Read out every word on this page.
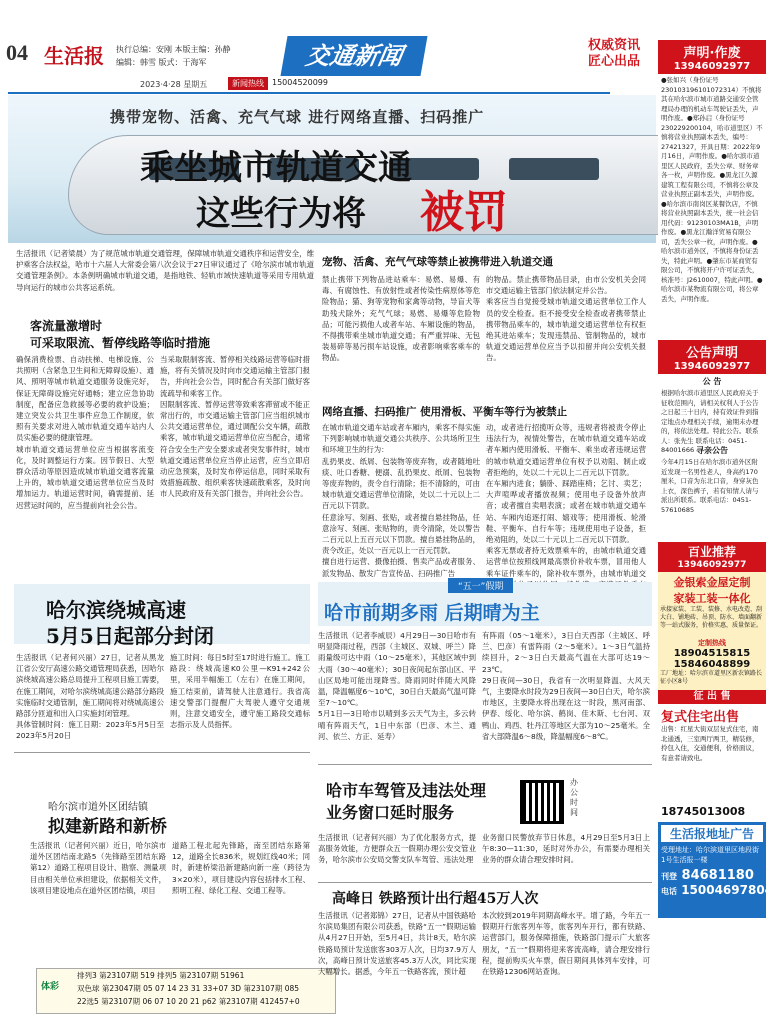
04 生活报 执行总编：安刚 本版主编：孙静
编辑：韩雪 版式：于海军	交通新闻
2023·4·28 星期五	新闻热线	15004520099
权威资讯
匠心出品
携带宠物、活禽、充气气球 进行网络直播、扫码推广
乘坐城市轨道交通
这些行为将 被罚
生活报讯（记者梁晨）为了规范城市轨道交通管理，保障城市轨道交通秩序和运营安全，维护乘客合法权益，哈市十六届人大常委会第八次会议于27日审议通过了《哈尔滨市城市轨道交通管理条例》。本条例明确城市轨道交通，是指地铁、轻轨市域快速轨道等采用专用轨道导向运行的城市公共客运系统。
客流量激增时
可采取限流、暂停线路等临时措施

确保消费检票、自动扶梯、电梯设施、公共照明（含紧急卫生间和无障碍设施）、通风、照明等城市轨道交通服务设施完好，保证无障碍设施完好通畅；建立应急协助制度，配备应急救援等必要的救护设施；建立突发公共卫生事件应急工作制度，依照有关要求对进入城市轨道交通车站内人员实施必要的健康管理。

城市轨道交通运营单位应当根据客流变化，及时调整运行方案。因节假日、大型群众活动等原因造成城市轨道交通客流量上升的，城市轨道交通运营单位应当及时增加运力。轨道运营时间，确需提前、延迟营运时间的，应当提前向社会公告。

当采取限制客流、暂停相关线路运营等临时措施，将有关情况及时向市交通运输主管部门报告，并向社会公告，同时配合有关部门做好客流疏导和乘客工作。

因限制客流、暂停运营等致乘客滞留或不能正常出行的，市交通运输主管部门应当组织城市公共交通运营单位，通过调配公交车辆，疏散乘客，城市轨道交通运营单位应当配合，通常符合安全生产安全要求或者突发事件时，城市轨道交通运营单位应当停止运营，应当立即启动应急预案，及时发布停运信息，同时采取有效措施疏散、组织乘客快速疏散乘客，及时向市人民政府及有关部门报告，并向社会公告。

宠物、活禽、充气气球等禁止被携带进入轨道交通
禁止携带下列物品进站乘车：易燃、易爆、有毒、有腐蚀性、有放射性或者传染性病原体等危险物品；猫、狗等宠物和家禽等动物，导盲犬等助残犬除外；充气气球；易燃、易爆等危险物品；可能污损他人或者车站、车厢设施的物品，不得携带乘坐城市轨道交通；有严重异味、无包装易碎等易污损车站设施，或者影响乘客乘车的物品。

的物品。禁止携带物品目录，由市公安机关会同市交通运输主管部门依法制定并公告。

乘客应当自觉接受城市轨道交通运营单位工作人员的安全检查。拒不接受安全检查或者携带禁止携带物品乘车的，城市轨道交通运营单位有权拒绝其进站乘车；发现违禁品、管制物品的，城市轨道交通运营单位应当予以扣留并向公安机关报告。

网络直播、扫码推广 使用滑板、平衡车等行为被禁止

在城市轨道交通车站或者车厢内，乘客不得实施下列影响城市轨道交通公共秩序、公共场所卫生和环境卫生的行为：

乱扔果皮、纸屑、包装物等废弃物，或者随地吐痰、吐口香糖、便溺、乱扔果皮、纸屑、包装物等废弃物的，责令自行清除；拒不清除的，可由城市轨道交通运营单位清除，处以二十元以上二百元以下罚款。

任意涂写、刻画、张贴，或者擅自悬挂物品，任意涂写、刻画、张贴物的，责令清除，处以警告二百元以上五百元以下罚款。擅自悬挂物品的，责令改正，处以一百元以上一百元罚款。

擅自进行运营、摄像拍摄、售卖产品或者服务、派发物品、散发广告宣传品、扫码推广告

动，或者进行招揽听众等，违规者将被责令停止违法行为，视情处警告，在城市轨道交通车站或者车厢内使用滑板、平衡车、乘坐或者违规运营的城市轨道交通运营单位有权予以劝阻、制止或者拒绝的，处以二十元以上二百元以下罚款。

在车厢内进食；躺卧、踩踏座椅；乞讨、卖艺；大声喧哗或者播放视频；使用电子设备外放声音；或者擅自卖唱表演；或者在城市轨道交通车站、车厢内追逐打闹、嬉戏等；使用滑板、轮滑鞋、平衡车、自行车等；违规使用电子设备，拒绝劝阻的，处以二十元以上二百元以下罚款。

乘客无票或者持无效票乘车的，由城市轨道交通运营单位按照线网最高票价补收车票，冒用他人乘车证件乘车的，除补收车票外，由城市轨道交

哈尔滨绕城高速
5月5日起部分封闭

生活报讯（记者何兴丽）27日，记者从黑龙江省公安厅高速公路交通管理局获悉，因哈尔滨绕城高速公路总局提升工程项目施工需要，在施工期间，对哈尔滨绕城高速公路部分路段实施临时交通管制，施工期间将对绕城高速公路部分匝道和出入口实施封闭管理。

具体管制时间：施工日期：2023年5月5日至2023年5月20日

施工时间：每日5时至17时进行施工。施工路段：绕城高速K0公里—K91+242公里，采用半幅施工（左右）在施工期间，施工结束前，请驾驶人注意通行。我省高速交警部门提醒广大驾驶人遵守交通规则，注意交通安全，遵守施工路段交通标志指示及人员指挥。
哈尔滨市道外区团结镇
拟建新路和新桥
生活报讯（记者何兴丽）近日，哈尔滨市道外区团结南北路5（先锋路至团结东路第12）道路工程项目设计、勘察、测量项目由相关单位承担建设，依据相关文件，该项目建设地点在道外区团结镇，项目
道路工程北起先锋路，南至团结东路第12，道路全长836米，规划红线40米；同时，新建桥梁沿新建路向新一座（跨径为3×20米），项目建设内容包括排水工程、照明工程、绿化工程、交通工程等。
体彩
排列3 第23107期 519 排列5 第23107期 51961
双色球 第23047期 05 07 14 23 31 33+07 3D 第23107期 085
22选5 第23107期 06 07 10 20 21 p62 第23107期 412457+0
“五一”假期
哈市前期多雨 后期晴为主

生活报讯（记者李威辰）4月29日—30日哈市有明显降雨过程，西部（主城区、双城、呼兰）降雨量级可达中雨（10～25毫米），其他区域中到大雨（30～40毫米）；30日夜间起东部山区、平山区局地可能出现降雪。降雨同时伴随大风降温，降温幅度6～10℃，30日白天最高气温可降至7～10℃。

5月1日—3日哈市以晴到多云天气为主，多云转晴有阵雨天气，1日中东部（巴彦、木兰、通河、依兰、方正、延寿）

有阵雨（05～1毫米），3日白天西部（主城区、呼兰、巴彦）有雷阵雨（2～5毫米）。1～3日气温持续回升，2～3日白天最高气温在大部可达19～23℃。

29日夜间—30日，我省有一次明显降温、大风天气，主要降水时段为29日夜间—30日白天，哈尔滨市地区，主要降水将出现在这一时段，黑河南部、伊春、绥化、哈尔滨、鹤岗、佳木斯、七台河、双鸭山、鸡西、牡丹江等地区大部为10～25毫米。全省大部降温6～8级，降温幅度6～8℃。

哈市车驾管及违法处理
业务窗口延时服务
办公时间
生活报讯（记者何兴丽）为了优化服务方式，提高服务效能，方便群众五一假期办理公安交管业务，哈尔滨市公安局交警支队车驾管、违法处理
业务窗口民警放弃节日休息，4月29日至5月3日上午8:30—11:30，延时对外办公，有需要办理相关业务的群众请合理安排时间。
高峰日 铁路预计出行超45万人次
生活报讯（记者郑锦）27日，记者从中国铁路哈尔滨局集团有限公司获悉，铁路“五一”假期运输从4月27日开始，至5月4日，共计8天，哈尔滨铁路局预计发送旅客303万人次，日均37.9万人次，高峰日预计发送旅客45.3万人次，同比实现大幅增长。据悉，今年五一铁路客流，预计超
本次较到2019年同期高峰水平。增了路，今年五一假期开行旅客列车等，旅客列车开行，都有铁路、运营部门，服务保障措施，铁路部门提示广大旅客朋友，“五一”假期将迎来客流高峰，请合理安排行程，提前购买火车票，假日期间具体列车安排，可在铁路12306网站查询。
声明·作废
13946092977
●张如兴（身份证号230103196101072314）不慎将其在哈尔滨市城市道路交通安全管理局办理的机动车驾驶证丢失，声明作废。●郑孙启（身份证号230229200104，哈市道里区）不慎将营业执照副本丢失，编号：27421327，开具日期：2022年9月16日，声明作废。●哈尔滨市道里区人民政府，丢失公章、财务章各一枚，声明作废。●黑龙江久源建筑工程有限公司，不慎将公章及营业执照正副本丢失，声明作废。●哈尔滨市南岗区某餐饮店，不慎将营业执照副本丢失，统一社会信用代码：91230103MA1B，声明作废。●黑龙江瀚洋贸易有限公司，丢失公章一枚，声明作废。●哈尔滨市道外区，不慎将身份证丢失，特此声明。●肇东市某商贸有限公司，不慎将开户许可证丢失，核准号：J2610007，特此声明。●哈尔滨市某物流有限公司，将公章丢失，声明作废。
公告声明
13946092977
公 告
根据哈尔滨市道里区人民政府关于征收范围内，请相关权利人于公告之日起三十日内，持有效证件到指定地点办理相关手续，逾期未办理的，将依法处理。特此公告。联系人：张先生 联系电话：0451-84001666 寻亲公告
今年4月15日在哈尔滨市道外区附近发现一名男性老人，身高约170厘米，口音为东北口音，身穿灰色上衣，深色裤子，若有知情人请与派出所联系。联系电话：0451-57610685
百业推荐
13946092977
金银索金屋定制
家装工装一体化
承接家装、工装、装修、水电改造、刮大白、铺地砖、吊顶、防水、墙面翻新等一站式服务，价格实惠，质量保证。
定制热线
18904515815
15846048899
工厂地址：哈尔滨市道里区新农镇路长征小区8号
征 出 售
复式住宅出售
出售：红星大街双层复式住宅，南北通透，三室两厅两卫，精装修，拎包入住，交通便利，价格面议，有意者请致电。
18745013008
生活报地址广告
受理地址：哈尔滨道里区地段街1号生活报一楼
刊登 84681180
电话 15004697804
